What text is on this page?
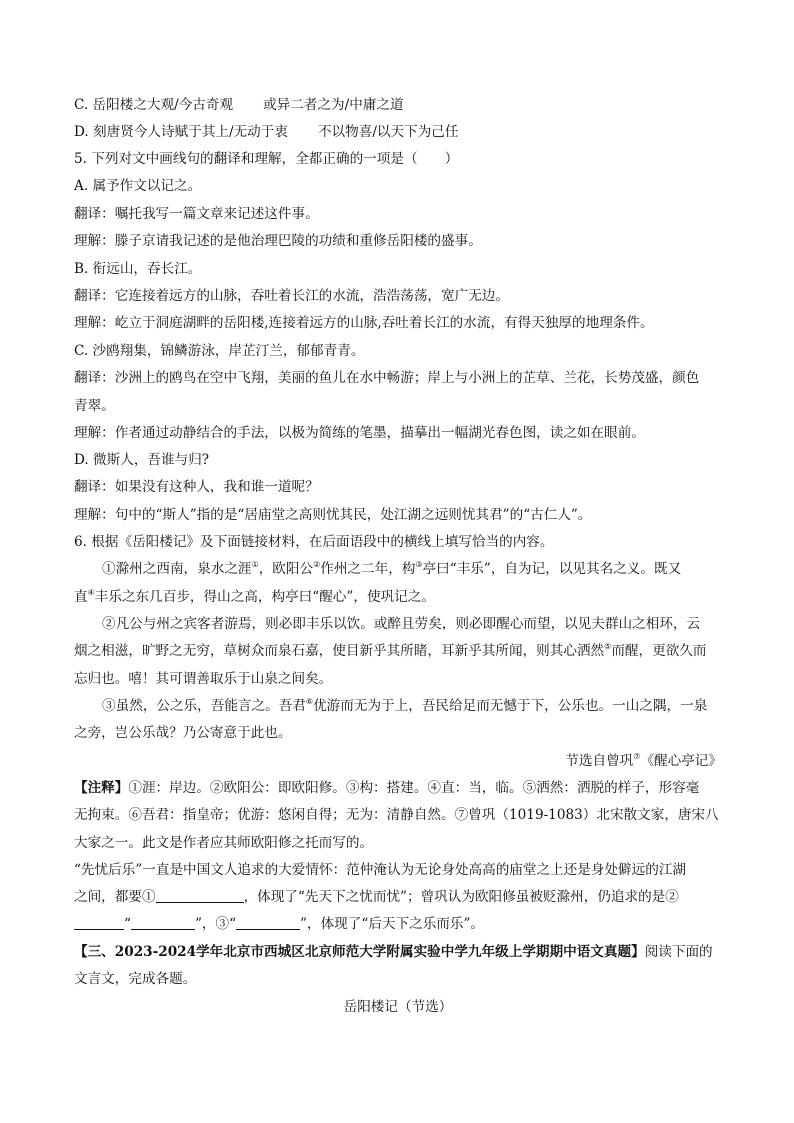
C. 岳阳楼之大观/今古奇观 或异二者之为/中庸之道
D. 刻唐贤今人诗赋于其上/无动于衷 不以物喜/以天下为己任
5. 下列对文中画线句的翻译和理解，全都正确的一项是（　　）
A. 属予作文以记之。
翻译：嘱托我写一篇文章来记述这件事。
理解：滕子京请我记述的是他治理巴陵的功绩和重修岳阳楼的盛事。
B. 衔远山，吞长江。
翻译：它连接着远方的山脉，吞吐着长江的水流，浩浩荡荡，宽广无边。
理解：屹立于洞庭湖畔的岳阳楼,连接着远方的山脉,吞吐着长江的水流，有得天独厚的地理条件。
C. 沙鸥翔集，锦鳞游泳，岸芷汀兰，郁郁青青。
翻译：沙洲上的鸥鸟在空中飞翔，美丽的鱼儿在水中畅游；岸上与小洲上的芷草、兰花，长势茂盛，颜色
青翠。
理解：作者通过动静结合的手法，以极为简练的笔墨，描摹出一幅湖光春色图，读之如在眼前。
D. 微斯人，吾谁与归?
翻译：如果没有这种人，我和谁一道呢？
理解：句中的“斯人”指的是“居庙堂之高则忧其民，处江湖之远则忧其君”的“古仁人”。
6. 根据《岳阳楼记》及下面链接材料，在后面语段中的横线上填写恰当的内容。
①滁州之西南，泉水之涯①，欧阳公②作州之二年，构③亭曰“丰乐”，自为记，以见其名之义。既又
直④丰乐之东几百步，得山之高，构亭曰“醒心”，使巩记之。
②凡公与州之宾客者游焉，则必即丰乐以饮。或醉且劳矣，则必即醒心而望，以见夫群山之相环，云
烟之相滋，旷野之无穷，草树众而泉石嘉，使目新乎其所睹，耳新乎其所闻，则其心洒然⑤而醒，更欲久而
忘归也。嘻！其可谓善取乐于山泉之间矣。
③虽然，公之乐，吾能言之。吾君⑥优游而无为于上，吾民给足而无憾于下，公乐也。一山之隅，一泉
之旁，岂公乐哉？乃公寄意于此也。
节选自曾巩⑦《醒心亭记》
【注释】①涯：岸边。②欧阳公：即欧阳修。③构：搭建。④直：当，临。⑤洒然：洒脱的样子，形容毫
无拘束。⑥吾君：指皇帝；优游：悠闲自得；无为：清静自然。⑦曾巩（1019-1083）北宋散文家，唐宋八
大家之一。此文是作者应其师欧阳修之托而写的。
“先忧后乐”一直是中国文人追求的大爱情怀：范仲淹认为无论身处高高的庙堂之上还是身处僻远的江湖
之间，都要①	，体现了“先天下之忧而忧”；曾巩认为欧阳修虽被贬滁州，仍追求的是②
“	”，③“	”，体现了“后天下之乐而乐”。
【三、2023-2024学年北京市西城区北京师范大学附属实验中学九年级上学期期中语文真题】阅读下面的
文言文，完成各题。
岳阳楼记（节选）
